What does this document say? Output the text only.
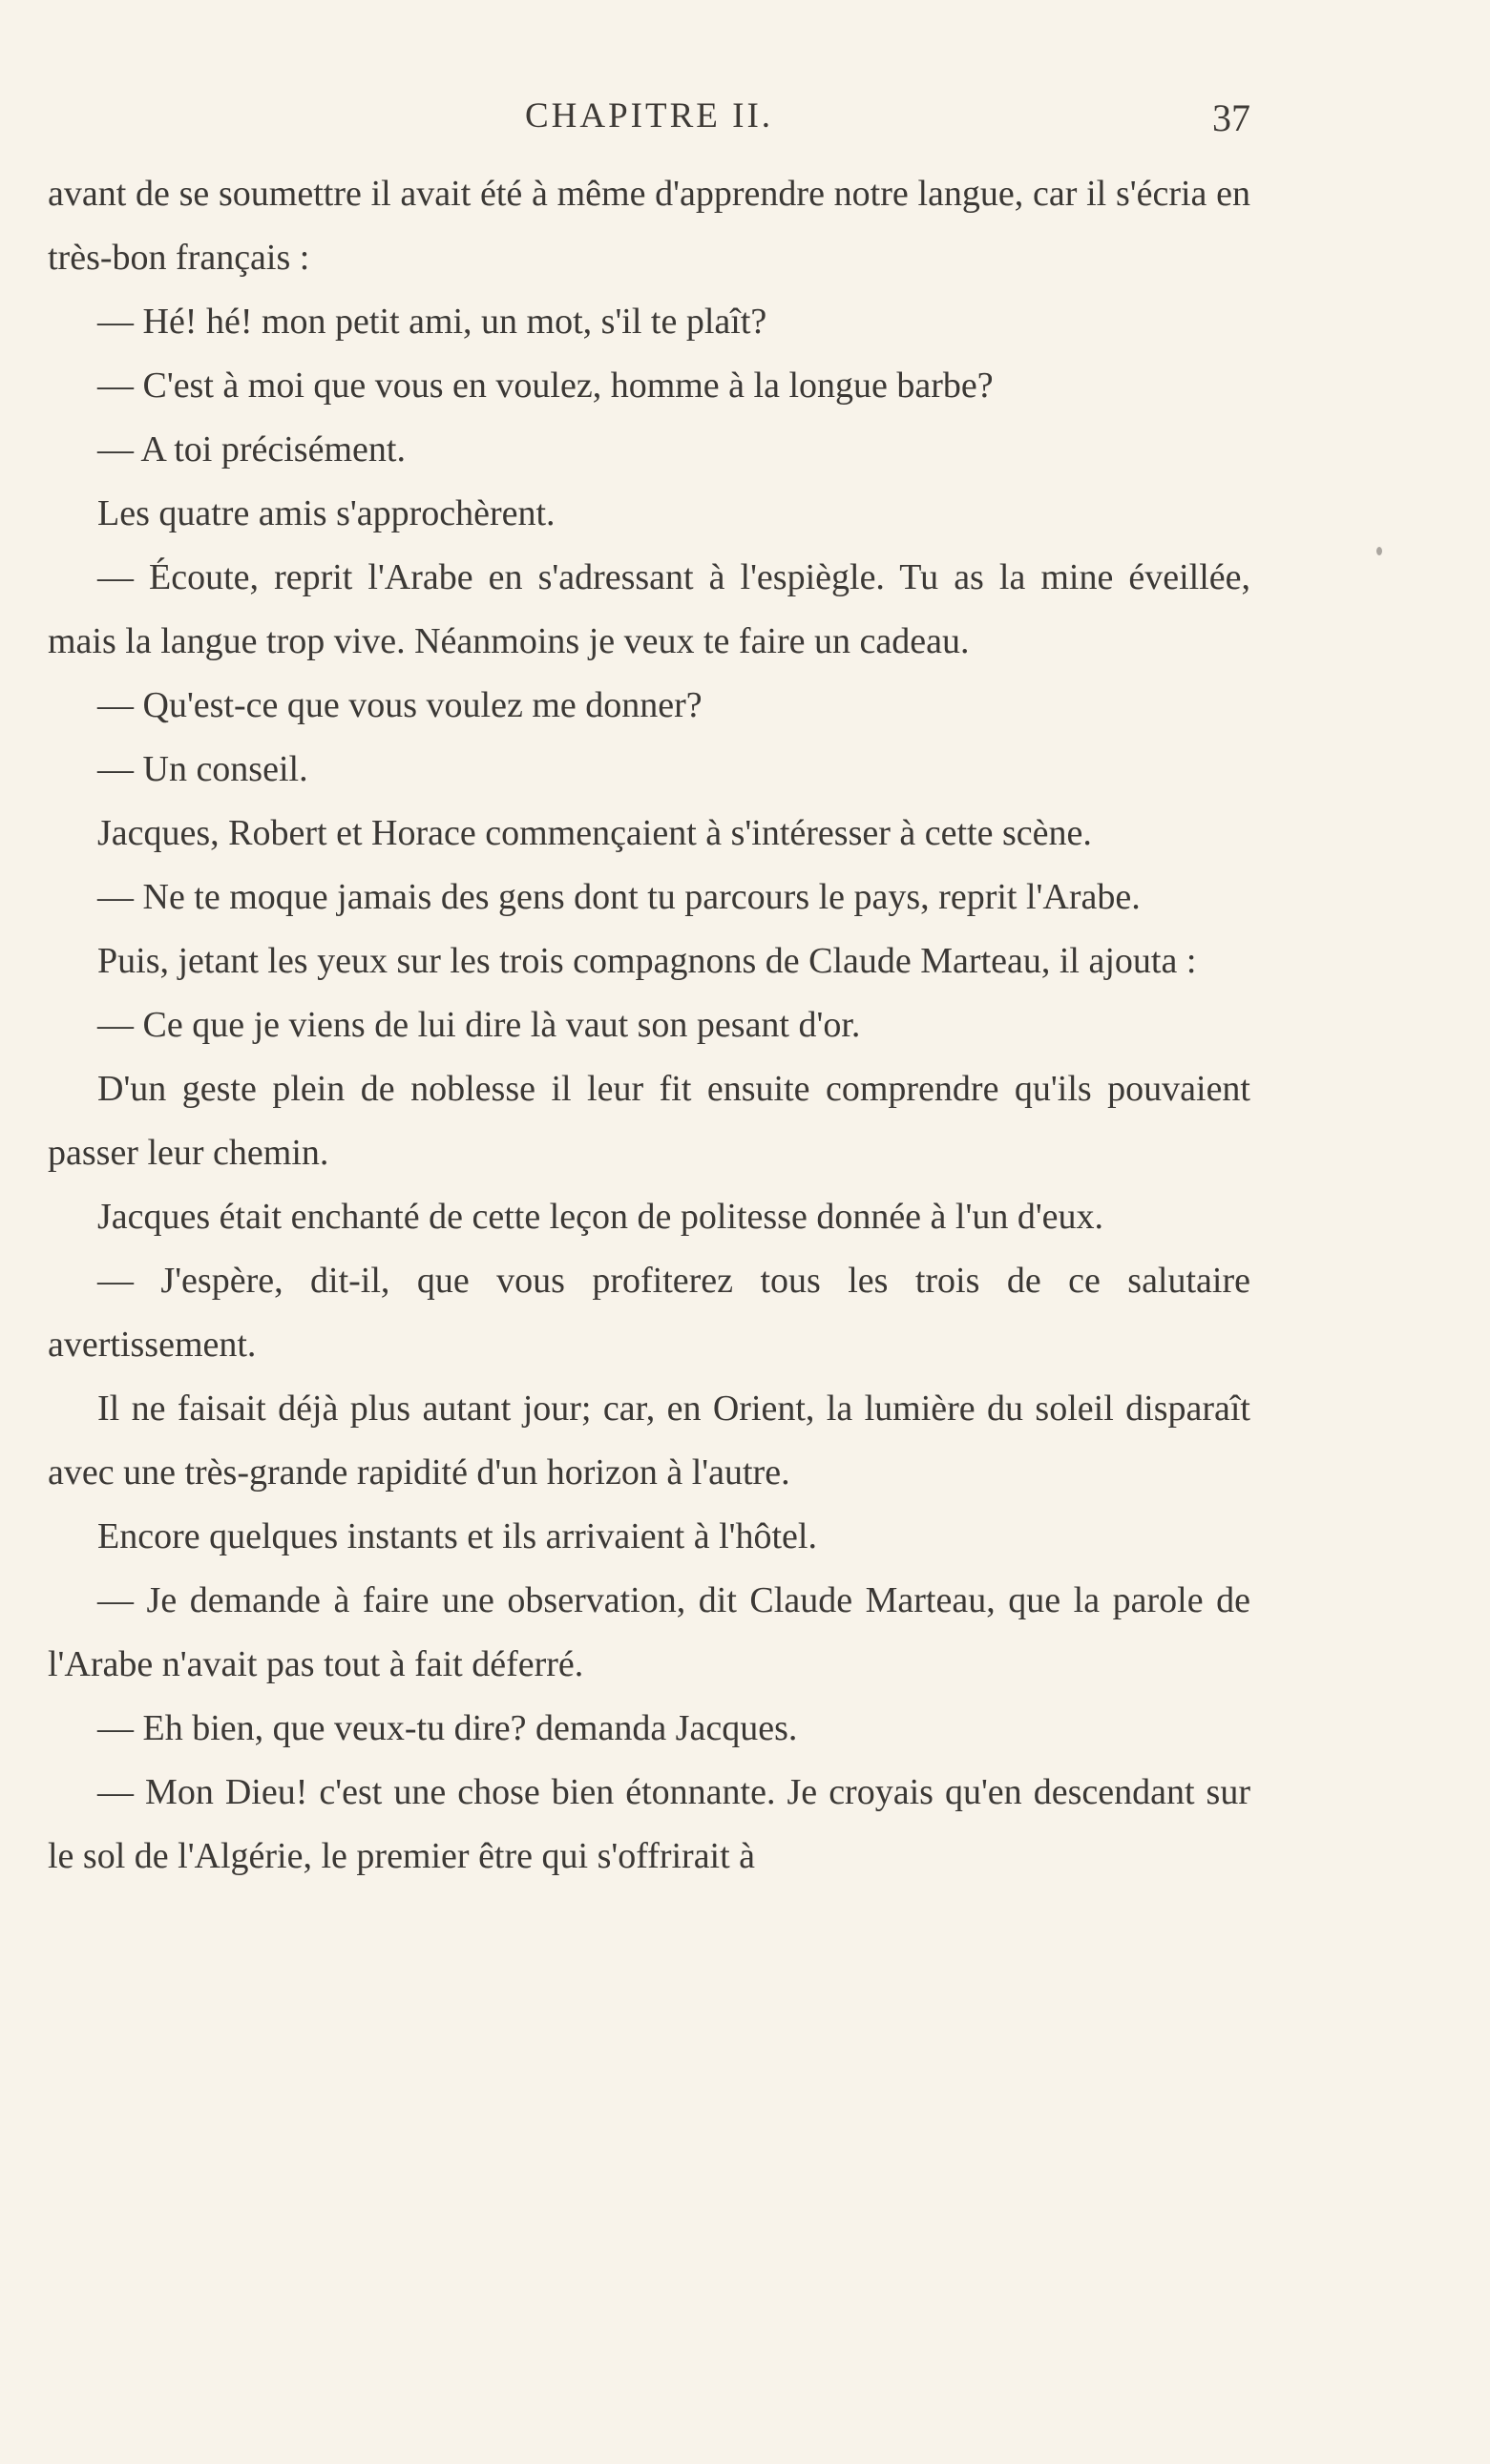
CHAPITRE II.	37

avant de se soumettre il avait été à même d'apprendre notre langue, car il s'écria en très-bon français :

— Hé! hé! mon petit ami, un mot, s'il te plaît?

— C'est à moi que vous en voulez, homme à la longue barbe?

— A toi précisément.

Les quatre amis s'approchèrent.

— Écoute, reprit l'Arabe en s'adressant à l'espiègle. Tu as la mine éveillée, mais la langue trop vive. Néanmoins je veux te faire un cadeau.

— Qu'est-ce que vous voulez me donner?

— Un conseil.

Jacques, Robert et Horace commençaient à s'intéresser à cette scène.

— Ne te moque jamais des gens dont tu parcours le pays, reprit l'Arabe.

Puis, jetant les yeux sur les trois compagnons de Claude Marteau, il ajouta :

— Ce que je viens de lui dire là vaut son pesant d'or.

D'un geste plein de noblesse il leur fit ensuite comprendre qu'ils pouvaient passer leur chemin.

Jacques était enchanté de cette leçon de politesse donnée à l'un d'eux.

— J'espère, dit-il, que vous profiterez tous les trois de ce salutaire avertissement.

Il ne faisait déjà plus autant jour; car, en Orient, la lumière du soleil disparaît avec une très-grande rapidité d'un horizon à l'autre.

Encore quelques instants et ils arrivaient à l'hôtel.

— Je demande à faire une observation, dit Claude Marteau, que la parole de l'Arabe n'avait pas tout à fait déferré.

— Eh bien, que veux-tu dire? demanda Jacques.

— Mon Dieu! c'est une chose bien étonnante. Je croyais qu'en descendant sur le sol de l'Algérie, le premier être qui s'offrirait à
